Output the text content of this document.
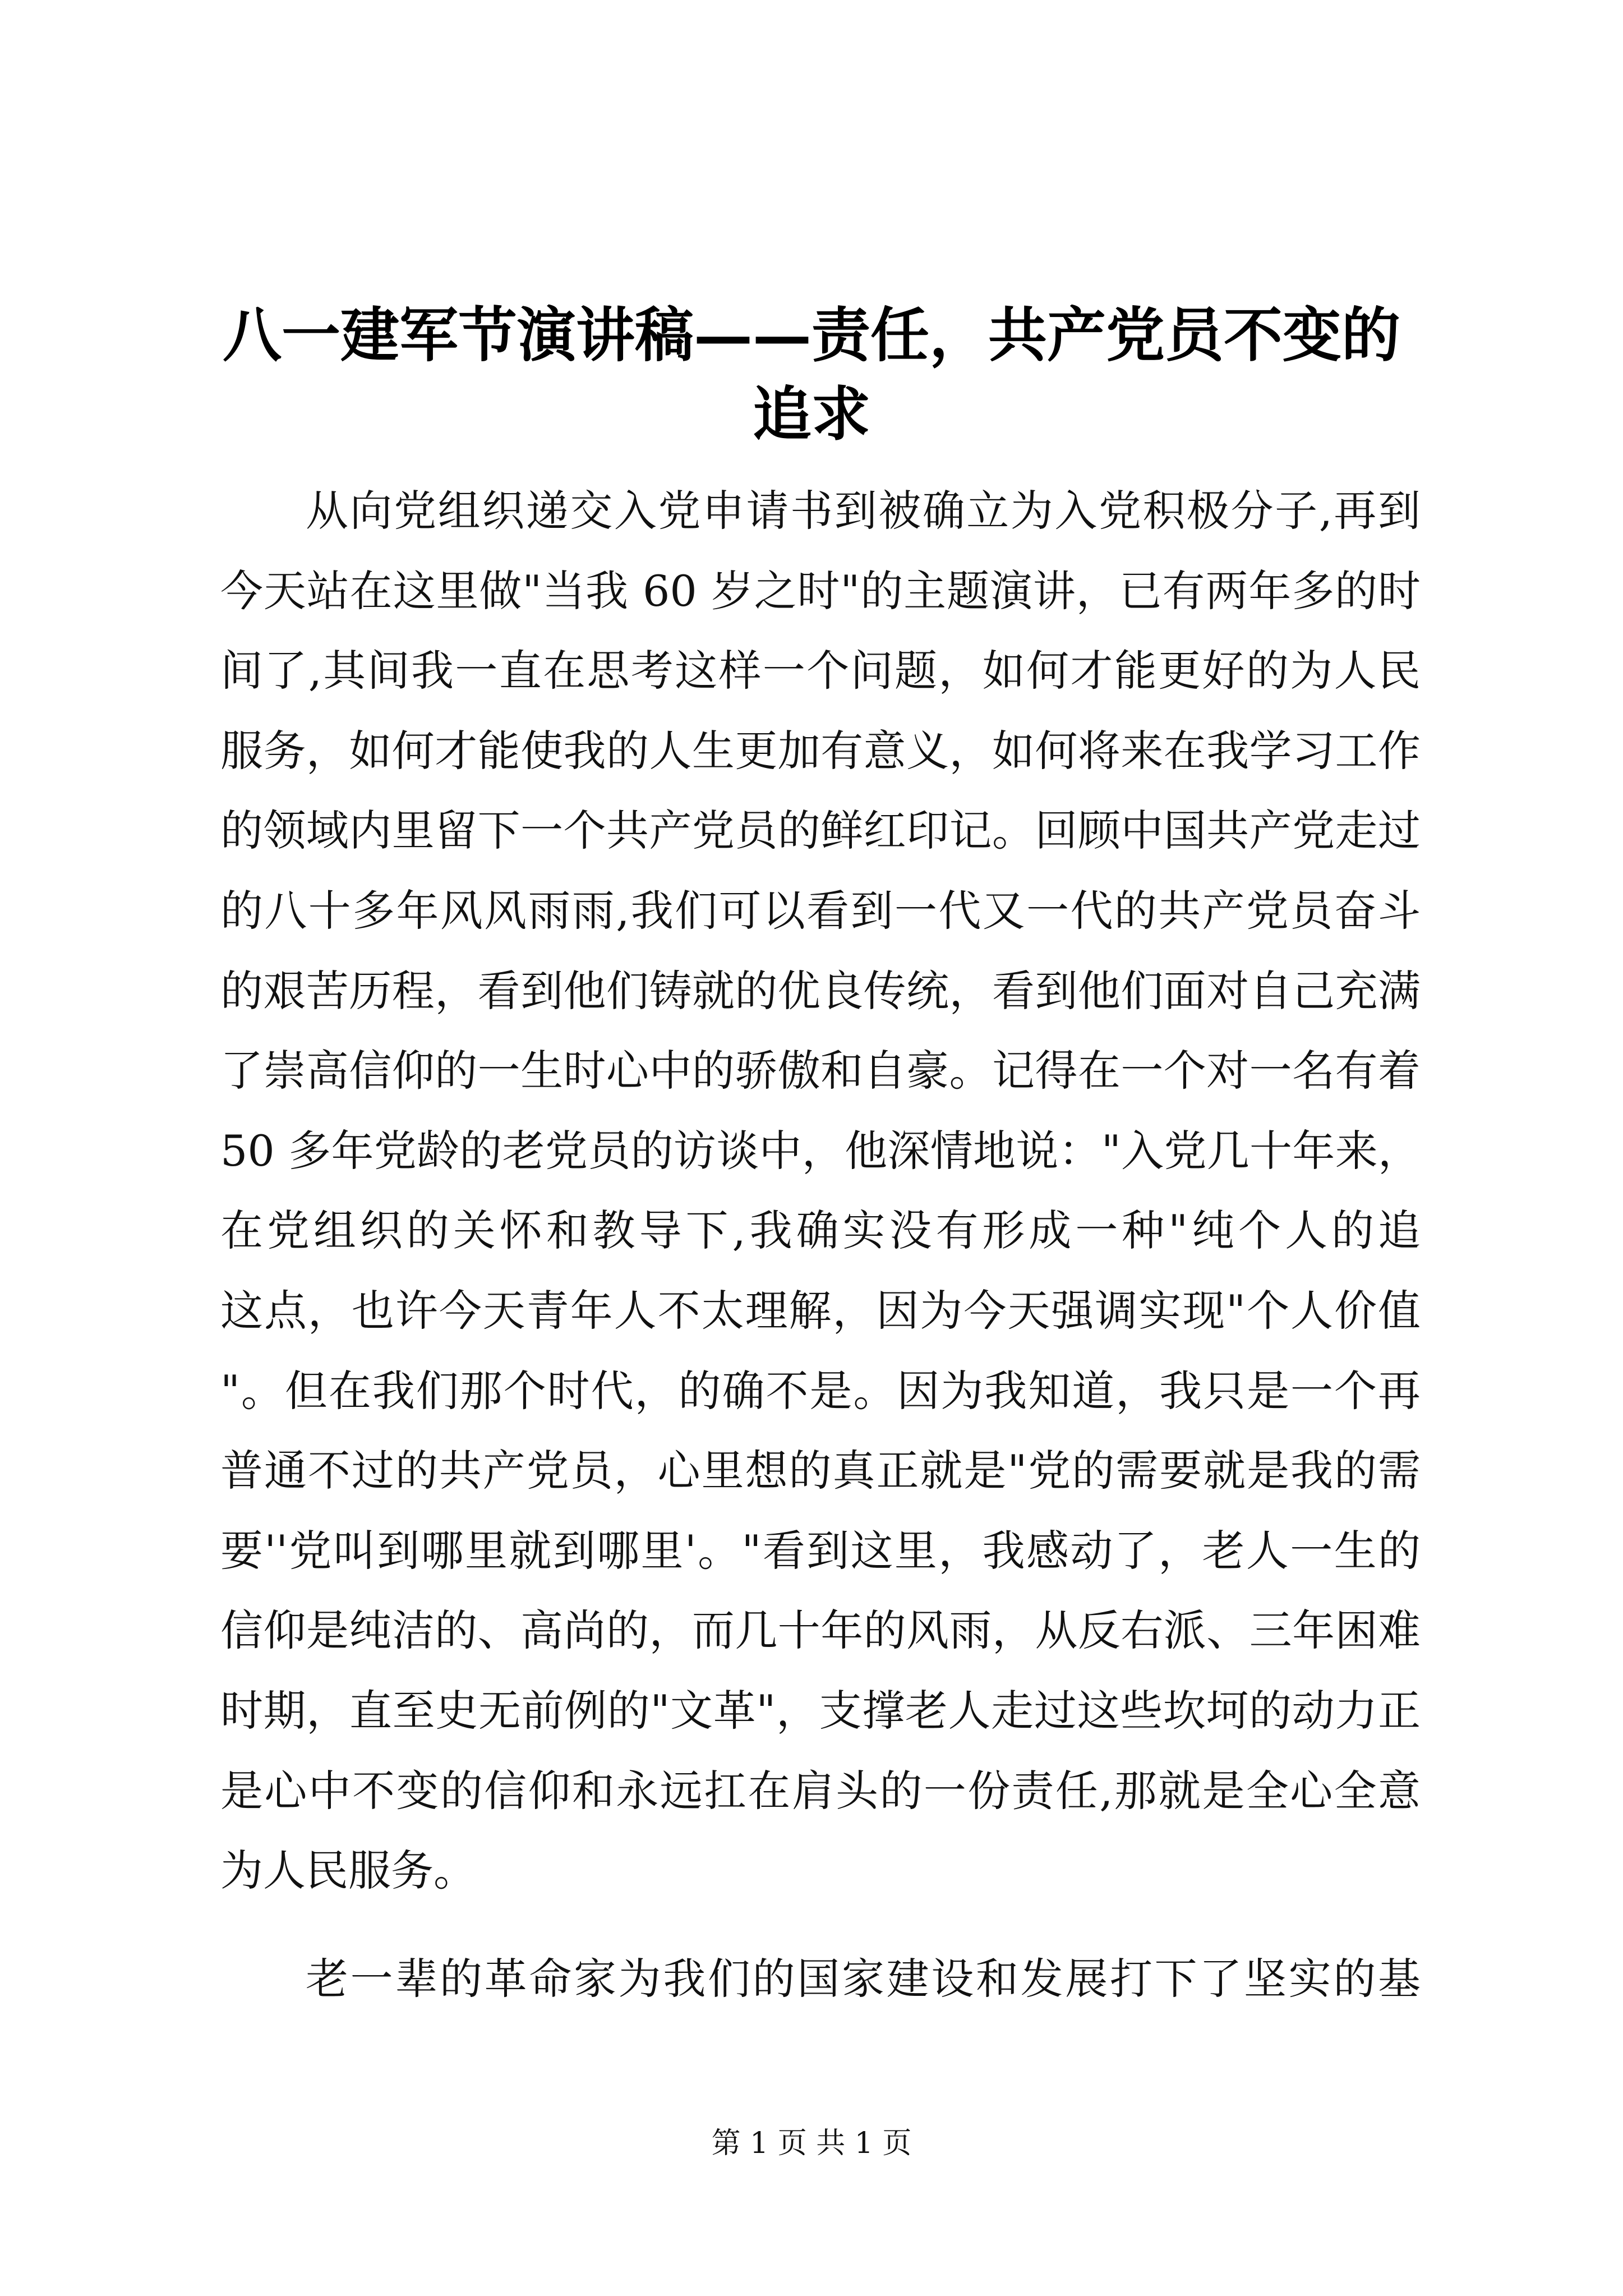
八一建军节演讲稿——责任，共产党员不变的
追求
从向党组织递交入党申请书到被确立为入党积极分子,再到
今天站在这里做"当我 60 岁之时"的主题演讲，已有两年多的时
间了,其间我一直在思考这样一个问题，如何才能更好的为人民
服务，如何才能使我的人生更加有意义，如何将来在我学习工作
的领域内里留下一个共产党员的鲜红印记。回顾中国共产党走过
的八十多年风风雨雨,我们可以看到一代又一代的共产党员奋斗
的艰苦历程，看到他们铸就的优良传统，看到他们面对自己充满
了崇高信仰的一生时心中的骄傲和自豪。记得在一个对一名有着
50 多年党龄的老党员的访谈中，他深情地说："入党几十年来，
在党组织的关怀和教导下,我确实没有形成一种"纯个人的追
这点，也许今天青年人不太理解，因为今天强调实现"个人价值
"。但在我们那个时代，的确不是。因为我知道，我只是一个再
普通不过的共产党员，心里想的真正就是"党的需要就是我的需
要''党叫到哪里就到哪里'。"看到这里，我感动了，老人一生的
信仰是纯洁的、高尚的，而几十年的风雨，从反右派、三年困难
时期，直至史无前例的"文革"，支撑老人走过这些坎坷的动力正
是心中不变的信仰和永远扛在肩头的一份责任,那就是全心全意
为人民服务。
老一辈的革命家为我们的国家建设和发展打下了坚实的基
第 1 页 共 1 页
